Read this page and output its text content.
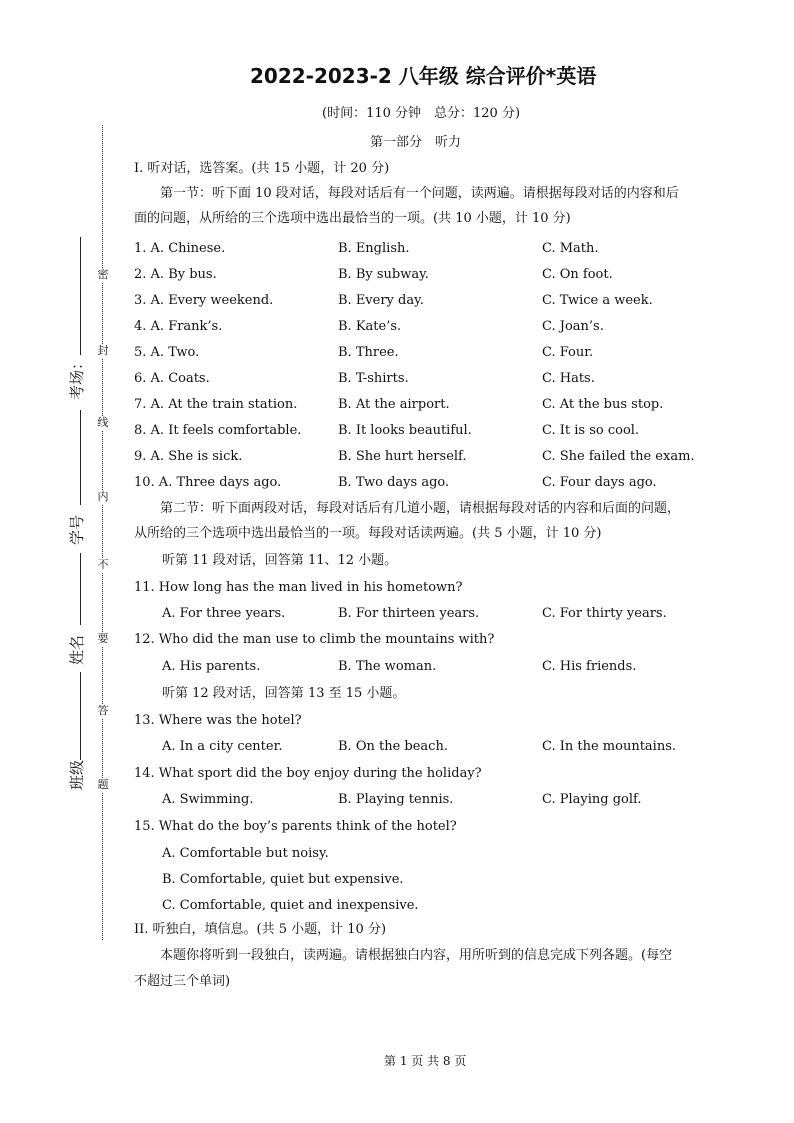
2022-2023-2 八年级 综合评价*英语
(时间：110 分钟　总分：120 分)
第一部分　听力
密
封
线
内
不
要
答
题
考场：
学号
姓名
班级
I. 听对话，选答案。(共 15 小题，计 20 分)
第一节：听下面 10 段对话，每段对话后有一个问题，读两遍。请根据每段对话的内容和后
面的问题，从所给的三个选项中选出最恰当的一项。(共 10 小题，计 10 分)
1. A. Chinese.	B. English.	C. Math.
2. A. By bus.	B. By subway.	C. On foot.
3. A. Every weekend.	B. Every day.	C. Twice a week.
4. A. Frank’s.	B. Kate’s.	C. Joan’s.
5. A. Two.	B. Three.	C. Four.
6. A. Coats.	B. T-shirts.	C. Hats.
7. A. At the train station.	B. At the airport.	C. At the bus stop.
8. A. It feels comfortable.	B. It looks beautiful.	C. It is so cool.
9. A. She is sick.	B. She hurt herself.	C. She failed the exam.
10. A. Three days ago.	B. Two days ago.	C. Four days ago.
第二节：听下面两段对话，每段对话后有几道小题，请根据每段对话的内容和后面的问题，
从所给的三个选项中选出最恰当的一项。每段对话读两遍。(共 5 小题，计 10 分)
听第 11 段对话，回答第 11、12 小题。
11. How long has the man lived in his hometown?
A. For three years.	B. For thirteen years.	C. For thirty years.
12. Who did the man use to climb the mountains with?
A. His parents.	B. The woman.	C. His friends.
听第 12 段对话，回答第 13 至 15 小题。
13. Where was the hotel?
A. In a city center.	B. On the beach.	C. In the mountains.
14. What sport did the boy enjoy during the holiday?
A. Swimming.	B. Playing tennis.	C. Playing golf.
15. What do the boy’s parents think of the hotel?
A. Comfortable but noisy.
B. Comfortable, quiet but expensive.
C. Comfortable, quiet and inexpensive.
II. 听独白，填信息。(共 5 小题，计 10 分)
本题你将听到一段独白，读两遍。请根据独白内容，用所听到的信息完成下列各题。(每空
不超过三个单词)
第 1 页 共 8 页
